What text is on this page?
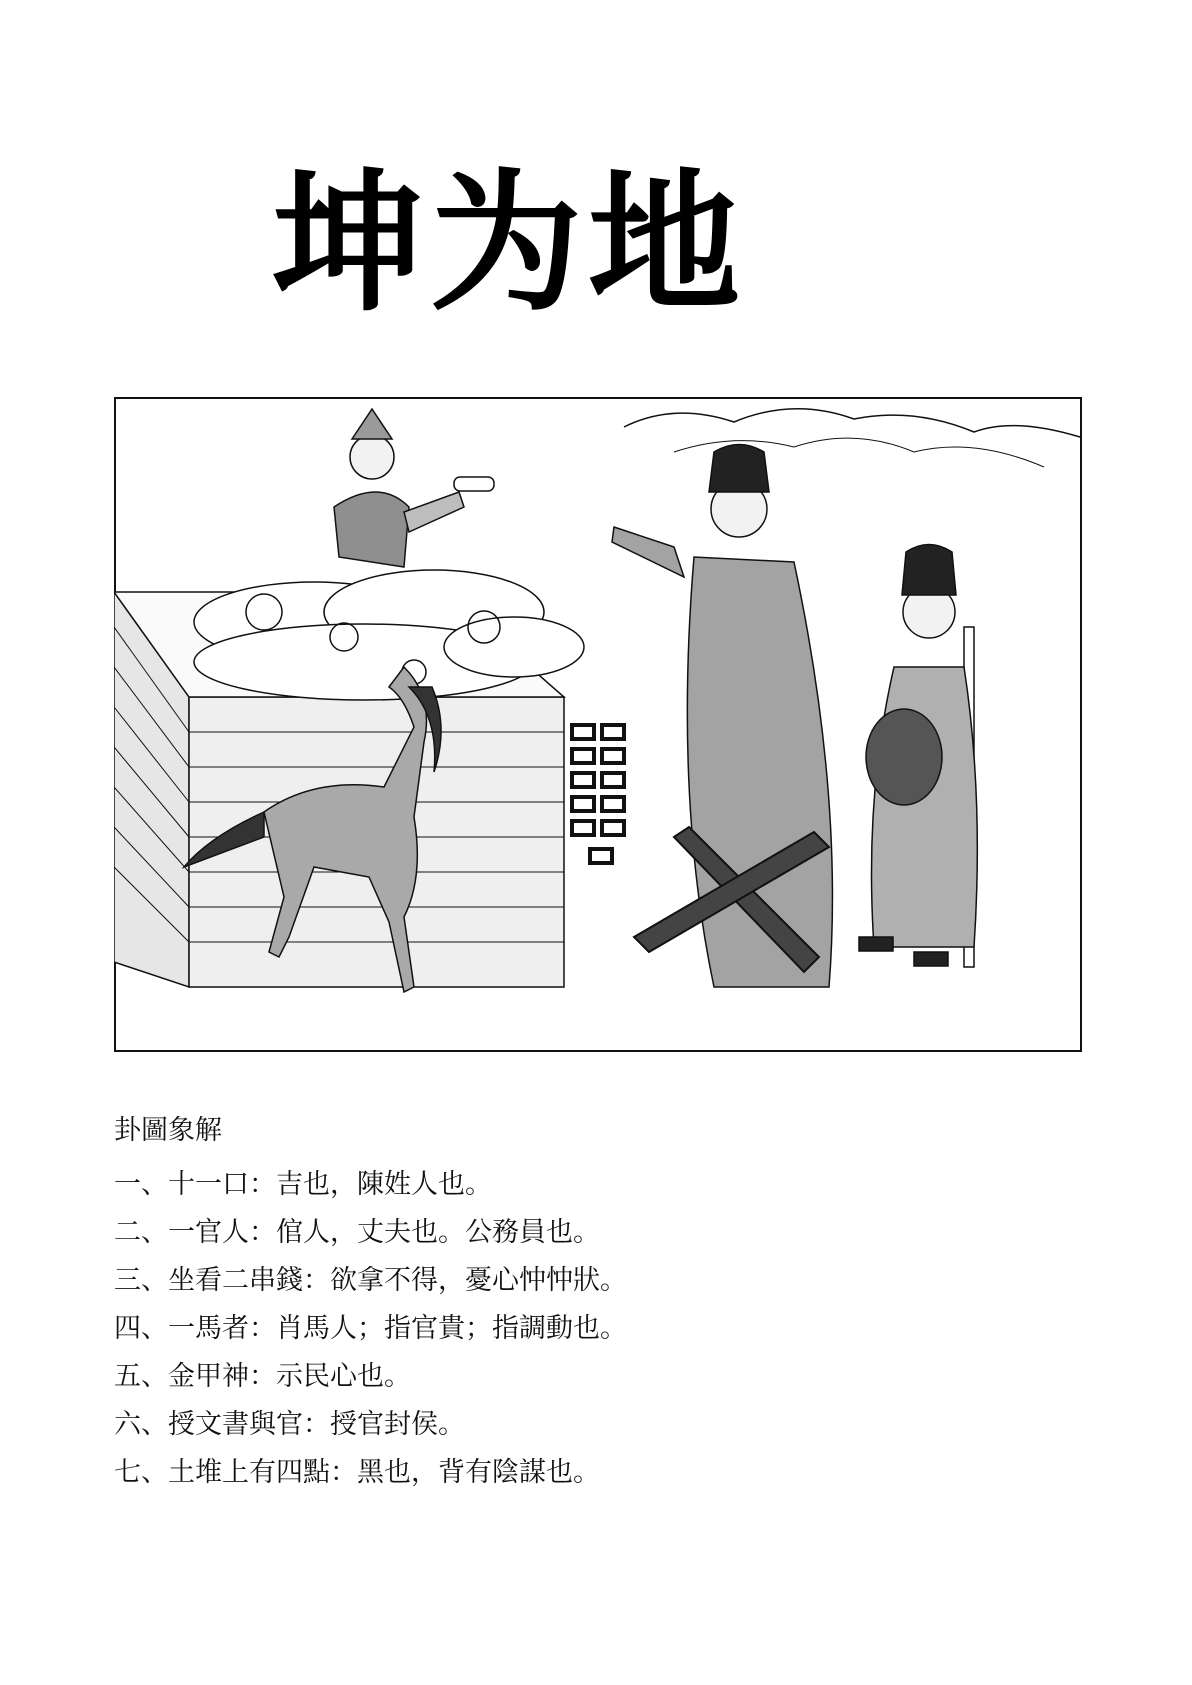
坤为地
卦圖象解
一、十一口：吉也，陳姓人也。
二、一官人：倌人，丈夫也。公務員也。
三、坐看二串錢：欲拿不得，憂心忡忡狀。
四、一馬者：肖馬人；指官貴；指調動也。
五、金甲神：示民心也。
六、授文書與官：授官封侯。
七、土堆上有四點：黑也，背有陰謀也。
